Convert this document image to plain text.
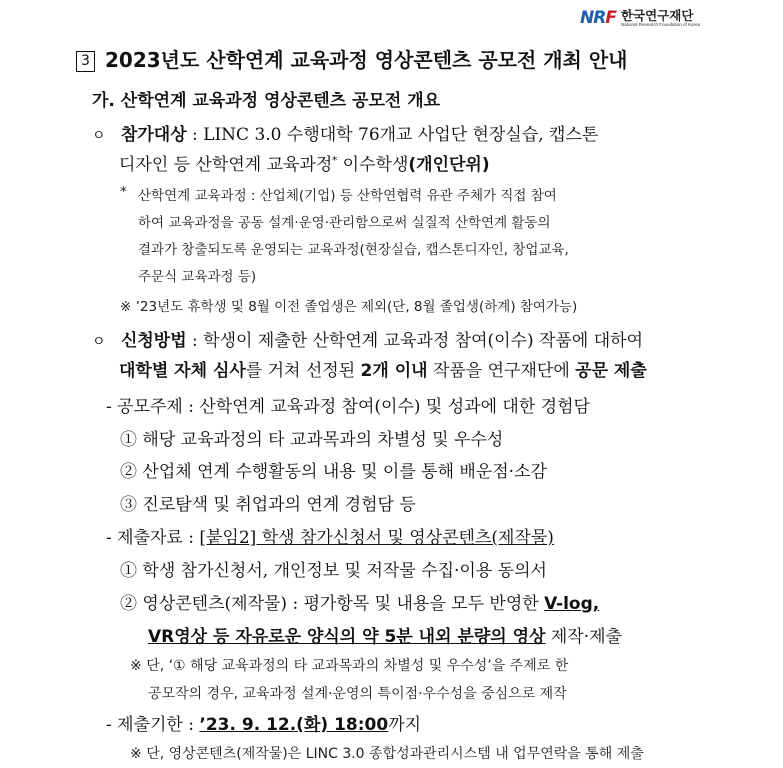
NRF 한국연구재단
National Research Foundation of Korea
3 2023년도 산학연계 교육과정 영상콘텐츠 공모전 개최 안내
가. 산학연계 교육과정 영상콘텐츠 공모전 개요
ㅇ 참가대상 : LINC 3.0 수행대학 76개교 사업단 현장실습, 캡스톤
디자인 등 산학연계 교육과정* 이수학생(개인단위)
* 산학연계 교육과정 : 산업체(기업) 등 산학연협력 유관 주체가 직접 참여
하여 교육과정을 공동 설계·운영·관리함으로써 실질적 산학연계 활동의
결과가 창출되도록 운영되는 교육과정(현장실습, 캡스톤디자인, 창업교육,
주문식 교육과정 등)
※ ’23년도 휴학생 및 8월 이전 졸업생은 제외(단, 8월 졸업생(하계) 참여가능)
ㅇ 신청방법 : 학생이 제출한 산학연계 교육과정 참여(이수) 작품에 대하여
대학별 자체 심사를 거쳐 선정된 2개 이내 작품을 연구재단에 공문 제출
- 공모주제 : 산학연계 교육과정 참여(이수) 및 성과에 대한 경험담
① 해당 교육과정의 타 교과목과의 차별성 및 우수성
② 산업체 연계 수행활동의 내용 및 이를 통해 배운점·소감
③ 진로탐색 및 취업과의 연계 경험담 등
- 제출자료 : [붙임2] 학생 참가신청서 및 영상콘텐츠(제작물)
① 학생 참가신청서, 개인정보 및 저작물 수집·이용 동의서
② 영상콘텐츠(제작물) : 평가항목 및 내용을 모두 반영한 V-log,
VR영상 등 자유로운 양식의 약 5분 내외 분량의 영상 제작·제출
※ 단, ‘① 해당 교육과정의 타 교과목과의 차별성 및 우수성’을 주제로 한
공모작의 경우, 교육과정 설계·운영의 특이점·우수성을 중심으로 제작
- 제출기한 : ’23. 9. 12.(화) 18:00까지
※ 단, 영상콘텐츠(제작물)은 LINC 3.0 종합성과관리시스템 내 업무연락을 통해 제출
